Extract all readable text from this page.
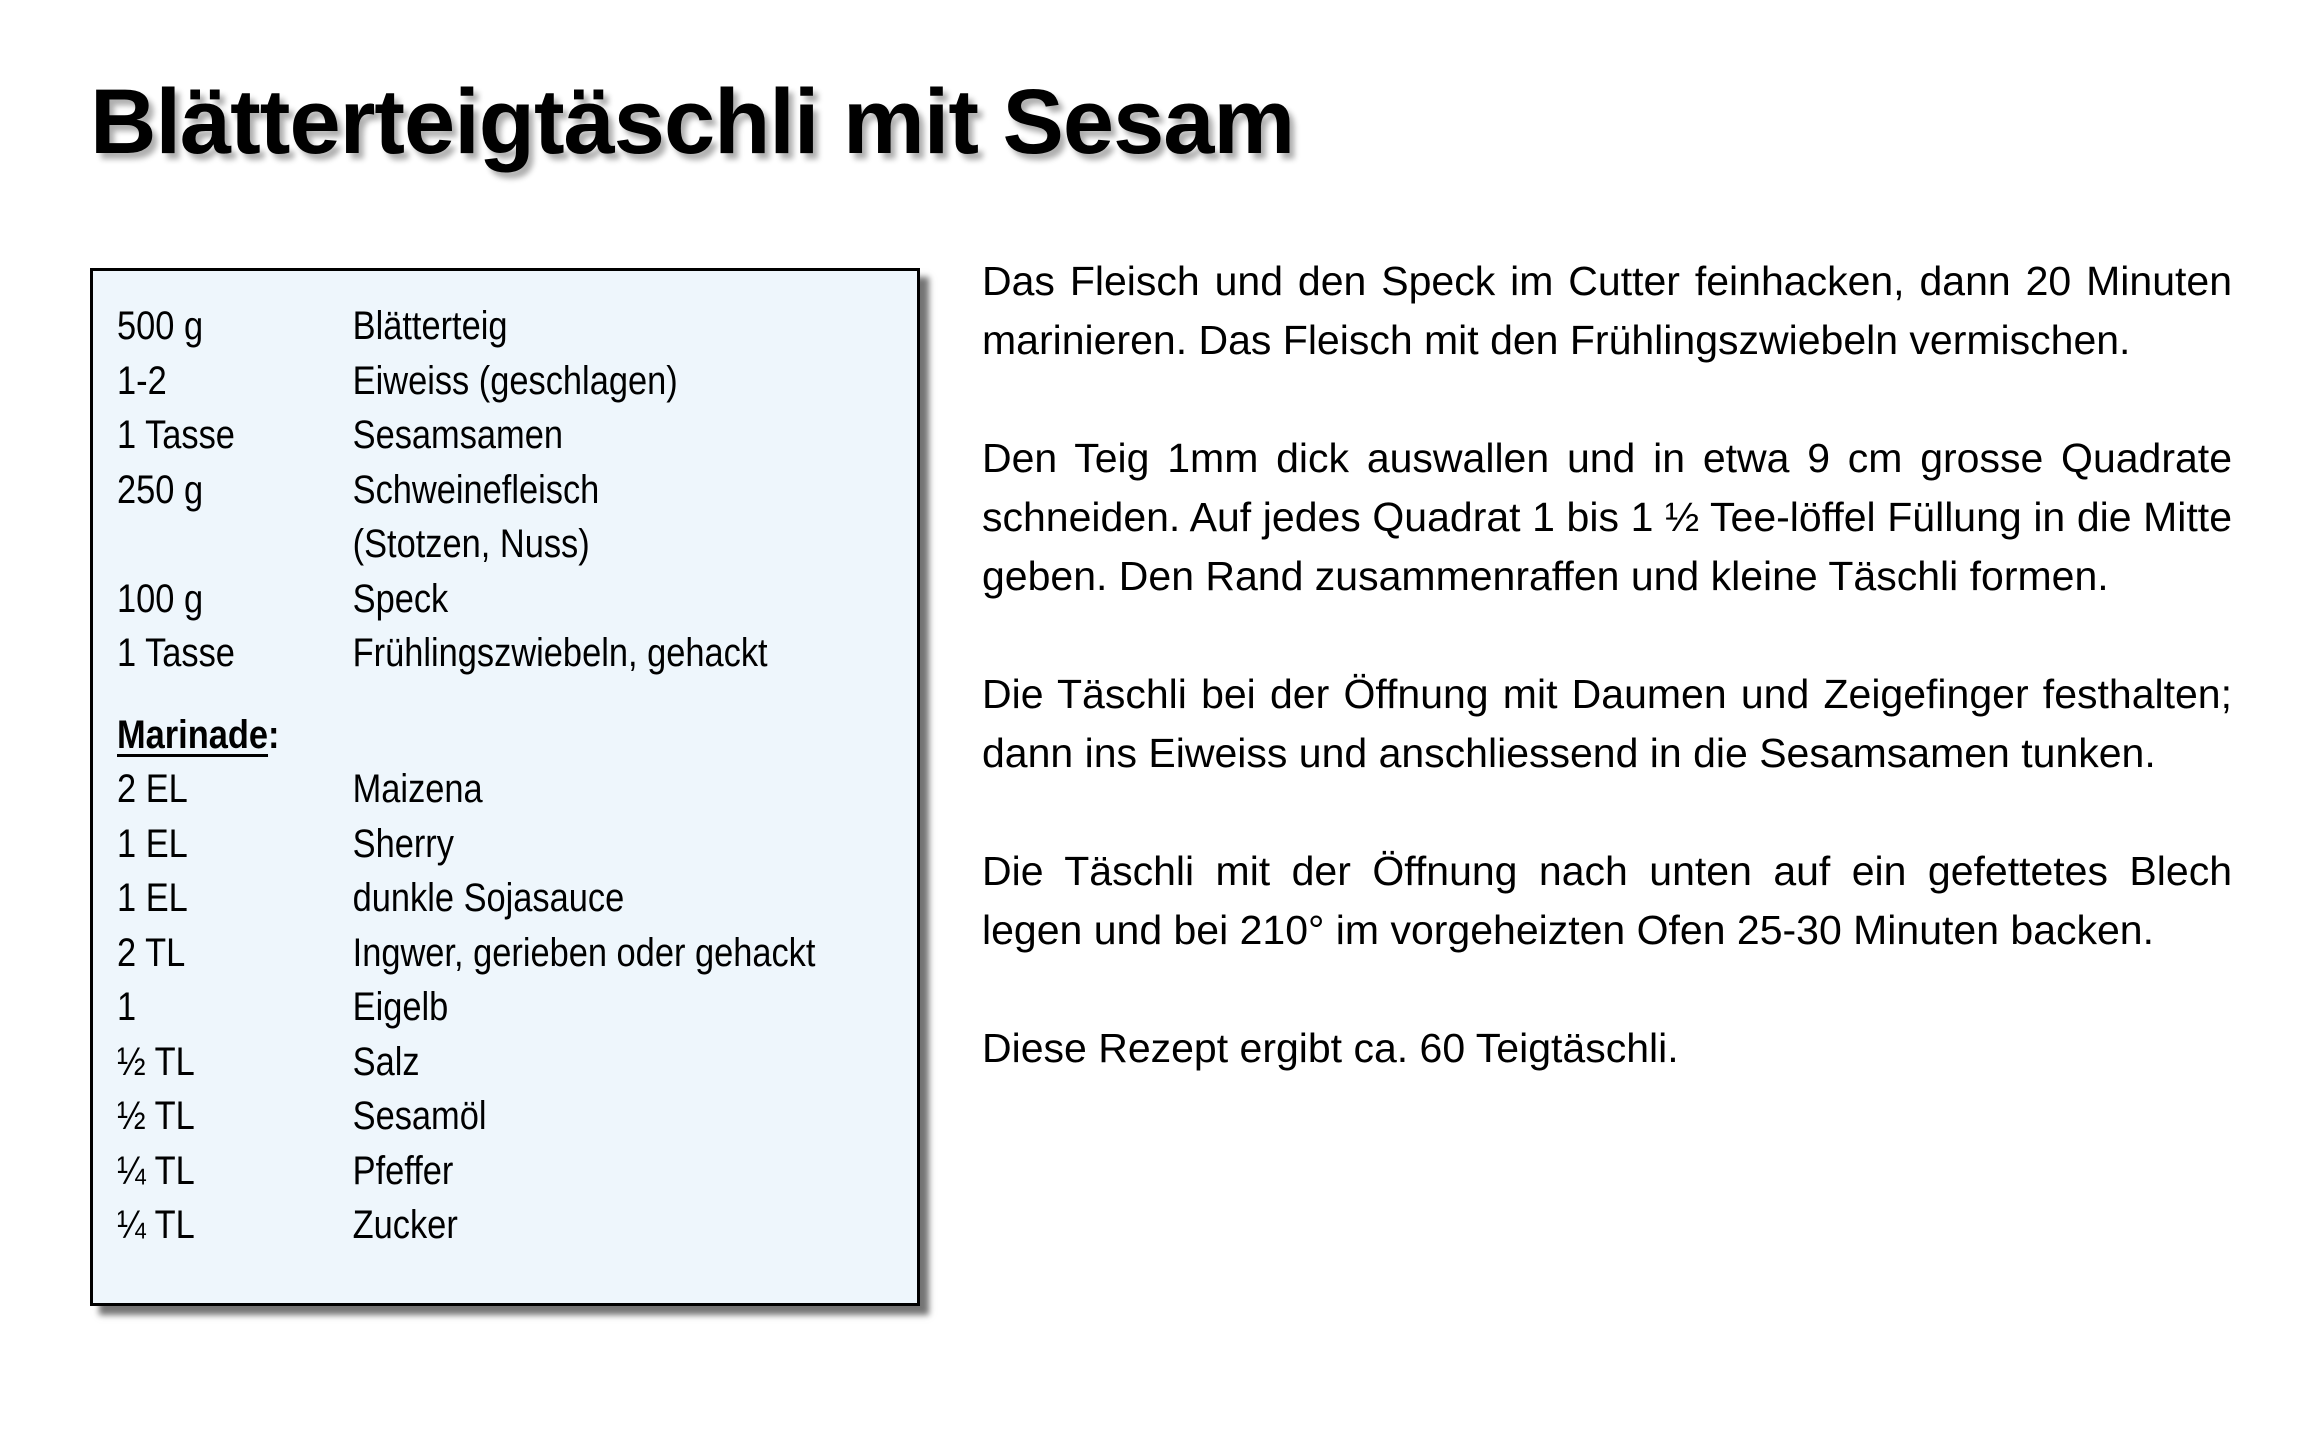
Blätterteigtäschli mit Sesam
500 g	Blätterteig
1-2	Eiweiss (geschlagen)
1 Tasse	Sesamsamen
250 g	Schweinefleisch
(Stotzen, Nuss)
100 g	Speck
1 Tasse	Frühlingszwiebeln, gehackt
Marinade:
2 EL	Maizena
1 EL	Sherry
1 EL	dunkle Sojasauce
2 TL	Ingwer, gerieben oder gehackt
1	Eigelb
½ TL	Salz
½ TL	Sesamöl
¼ TL	Pfeffer
¼ TL	Zucker

Das Fleisch und den Speck im Cutter feinhacken, dann 20 Minuten marinieren. Das Fleisch mit den Frühlingszwiebeln vermischen.

Den Teig 1mm dick auswallen und in etwa 9 cm grosse Quadrate schneiden. Auf jedes Quadrat 1 bis 1 ½ Tee-löffel Füllung in die Mitte geben. Den Rand zusammenraffen und kleine Täschli formen.

Die Täschli bei der Öffnung mit Daumen und Zeigefinger festhalten; dann ins Eiweiss und anschliessend in die Sesamsamen tunken.

Die Täschli mit der Öffnung nach unten auf ein gefettetes Blech legen und bei 210° im vorgeheizten Ofen 25-30 Minuten backen.

Diese Rezept ergibt ca. 60 Teigtäschli.
